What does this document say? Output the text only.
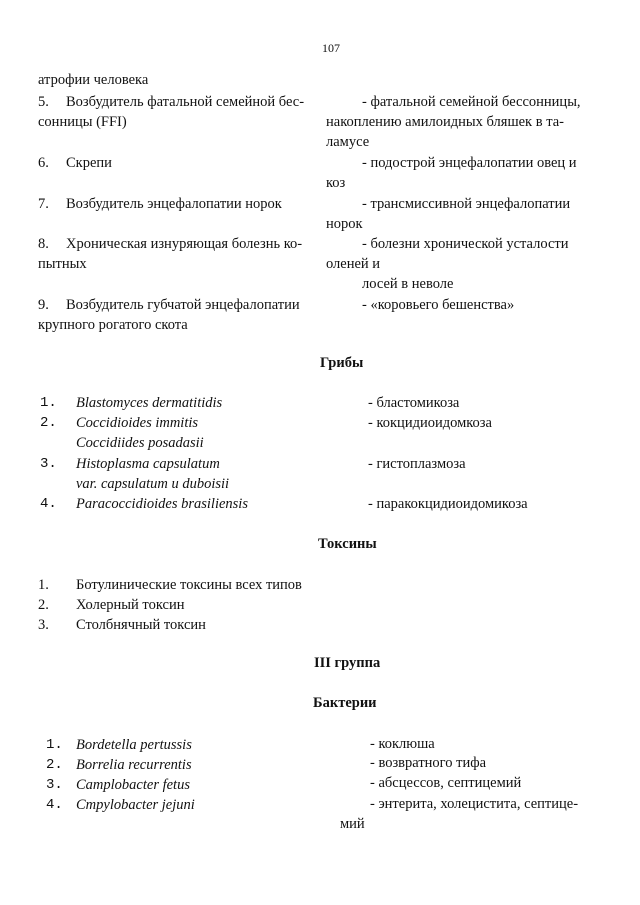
107
атрофии человека
5. Возбудитель фатальной семейной бес-
сонницы (FFI)
- фатальной семейной бессонницы,
накоплению амилоидных бляшек в та-
ламусе
6. Скрепи	- подострой энцефалопатии овец и
коз
7. Возбудитель энцефалопатии норок	- трансмиссивной энцефалопатии
норок
8. Хроническая изнуряющая болезнь ко-
пытных
- болезни хронической усталости
оленей и
лосей в неволе
9. Возбудитель губчатой энцефалопатии
крупного рогатого скота
- «коровьего бешенства»
Грибы
1. Blastomyces dermatitidis	- бластомикоза
2. Coccidioides immitis
Coccidiides posadasii
- кокцидиоидомкоза
3. Histoplasma capsulatum
var. capsulatum и duboisii
- гистоплазмоза
4. Paracoccidioides brasiliensis	- паракокцидиоидомикоза
Токсины
1. Ботулинические токсины всех типов
2. Холерный токсин
3. Столбнячный токсин
III группа
Бактерии
1. Bordetella pertussis	- коклюша
2. Borrelia recurrentis	- возвратного тифа
3. Camplobacter fetus	- абсцессов, септицемий
4. Cmpylobacter jejuni	- энтерита, холецистита, септице-
мий
